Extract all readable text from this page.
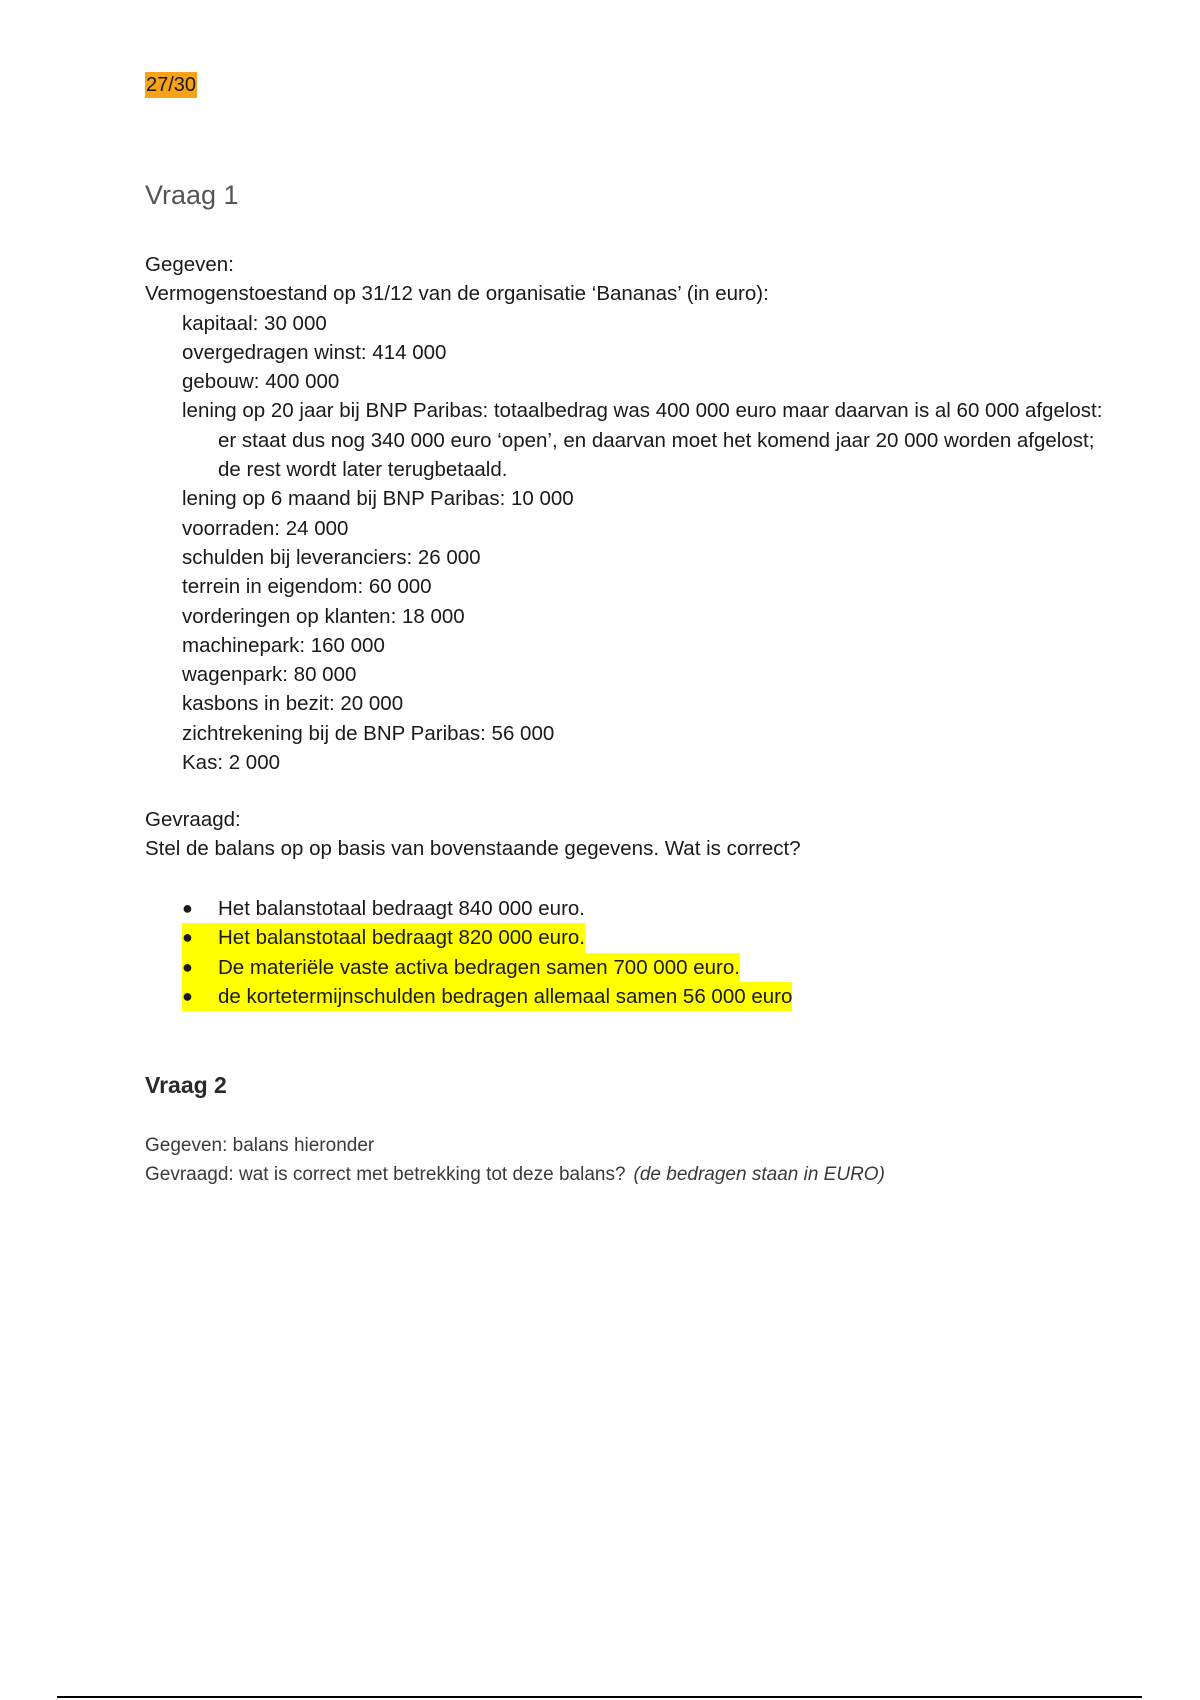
27/30
Vraag 1
Gegeven:
Vermogenstoestand op 31/12 van de organisatie ‘Bananas’ (in euro):
kapitaal: 30 000
overgedragen winst: 414 000
gebouw: 400 000
lening op 20 jaar bij BNP Paribas: totaalbedrag was 400 000 euro maar daarvan is al 60 000 afgelost: er staat dus nog 340 000 euro ‘open’, en daarvan moet het komend jaar 20 000 worden afgelost; de rest wordt later terugbetaald.
lening op 6 maand bij BNP Paribas: 10 000
voorraden: 24 000
schulden bij leveranciers: 26 000
terrein in eigendom: 60 000
vorderingen op klanten: 18 000
machinepark: 160 000
wagenpark: 80 000
kasbons in bezit: 20 000
zichtrekening bij de BNP Paribas: 56 000
Kas: 2 000
Gevraagd:
Stel de balans op op basis van bovenstaande gegevens. Wat is correct?
●	Het balanstotaal bedraagt 840 000 euro.
●	Het balanstotaal bedraagt 820 000 euro.
●	De materiële vaste activa bedragen samen 700 000 euro.
●	de kortetermijnschulden bedragen allemaal samen 56 000 euro
Vraag 2
Gegeven: balans hieronder
Gevraagd: wat is correct met betrekking tot deze balans? (de bedragen staan in EURO)
